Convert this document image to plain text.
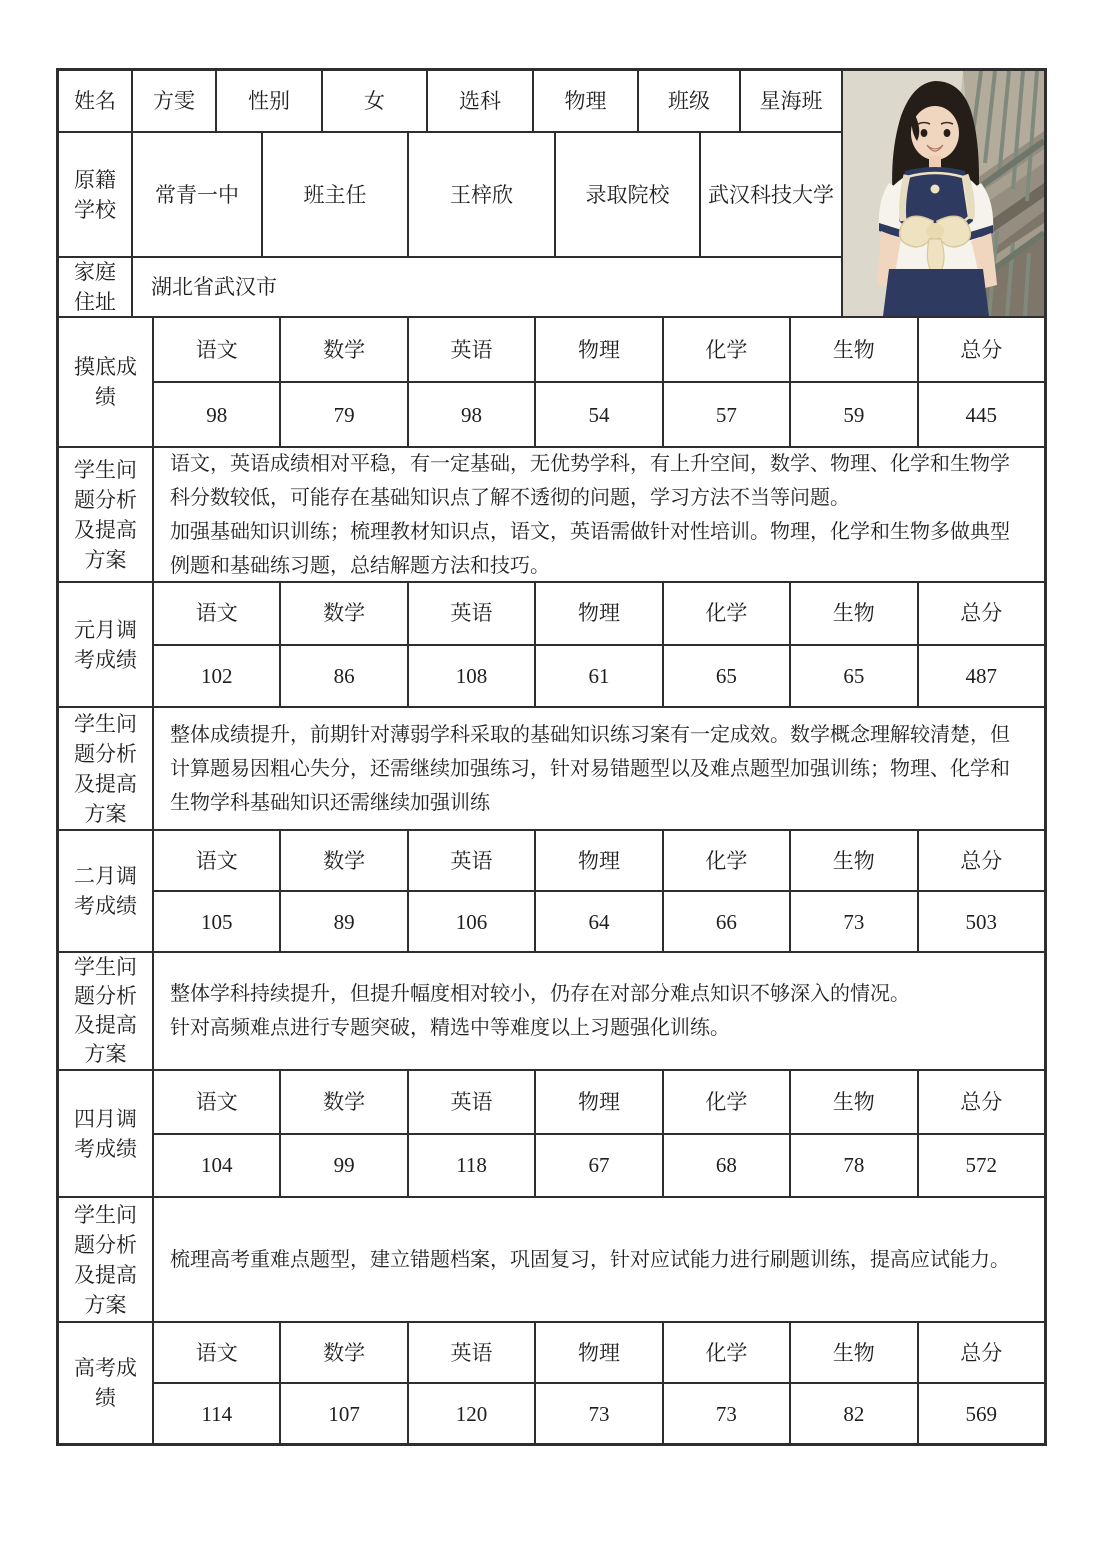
姓名	方雯	性别	女	选科	物理	班级	星海班
原籍学校
常青一中	班主任	王梓欣	录取院校	武汉科技大学
家庭住址
湖北省武汉市
摸底成绩
语文	数学	英语	物理	化学	生物	总分
98	79	98	54	57	59	445
学生问题分析及提高方案

语文，英语成绩相对平稳，有一定基础，无优势学科，有上升空间，数学、物理、化学和生物学科分数较低，可能存在基础知识点了解不透彻的问题，学习方法不当等问题。

加强基础知识训练；梳理教材知识点，语文，英语需做针对性培训。物理，化学和生物多做典型例题和基础练习题，总结解题方法和技巧。

元月调考成绩
语文	数学	英语	物理	化学	生物	总分
102	86	108	61	65	65	487
学生问题分析及提高方案

整体成绩提升，前期针对薄弱学科采取的基础知识练习案有一定成效。数学概念理解较清楚，但计算题易因粗心失分，还需继续加强练习，针对易错题型以及难点题型加强训练；物理、化学和生物学科基础知识还需继续加强训练

二月调考成绩
语文	数学	英语	物理	化学	生物	总分
105	89	106	64	66	73	503
学生问题分析及提高方案

整体学科持续提升，但提升幅度相对较小，仍存在对部分难点知识不够深入的情况。

针对高频难点进行专题突破，精选中等难度以上习题强化训练。

四月调考成绩
语文	数学	英语	物理	化学	生物	总分
104	99	118	67	68	78	572
学生问题分析及提高方案

梳理高考重难点题型，建立错题档案，巩固复习，针对应试能力进行刷题训练，提高应试能力。

高考成绩
语文	数学	英语	物理	化学	生物	总分
114	107	120	73	73	82	569
